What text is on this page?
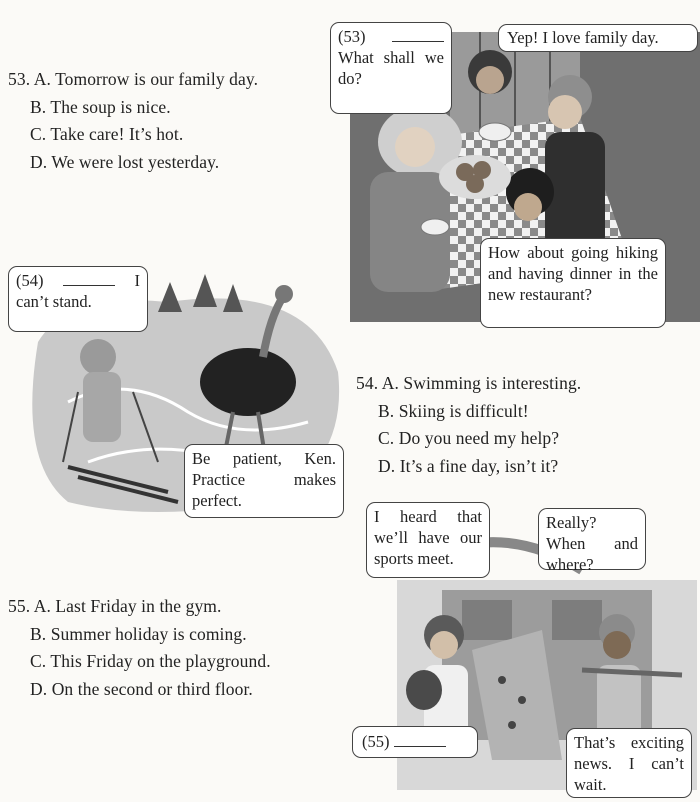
53. A. Tomorrow is our family day.
B. The soup is nice.
C. Take care! It’s hot.
D. We were lost yesterday.
(53)  What shall we do?
Yep! I love family day.
How about going hiking and having dinner in the new restaurant?
(54)	I can’t stand.
Be patient, Ken. Practice makes perfect.
54. A. Swimming is interesting.
B. Skiing is difficult!
C. Do you need my help?
D. It’s a fine day, isn’t it?
55. A. Last Friday in the gym.
B. Summer holiday is coming.
C. This Friday on the playground.
D. On the second or third floor.
I heard that we’ll have our sports meet.
Really? When and where?
(55)	That’s exciting news. I can’t wait.
